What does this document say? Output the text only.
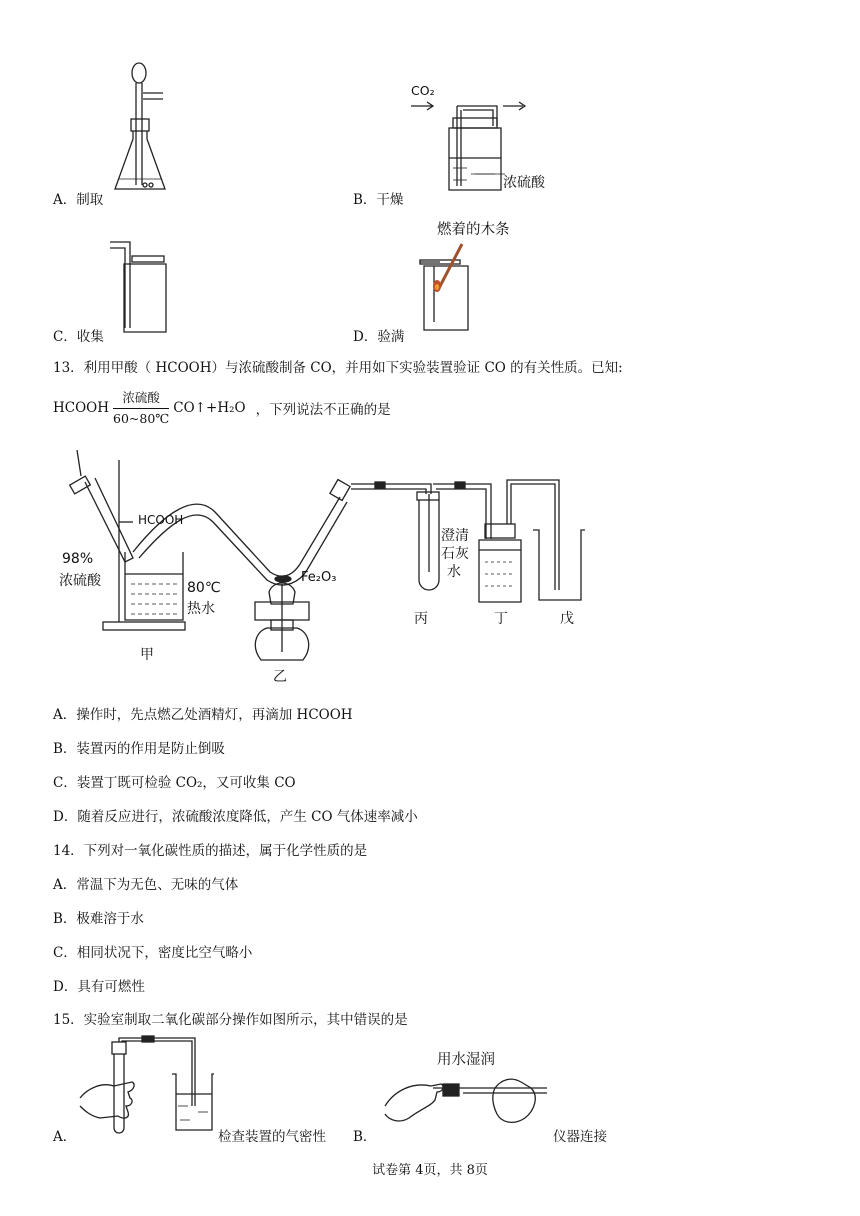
A．制取
CO₂
浓硫酸
B．干燥
C．收集
燃着的木条
D．验满
13．利用甲酸（ HCOOH）与浓硫酸制备 CO，并用如下实验装置验证 CO 的有关性质。已知:
HCOOH $\frac{\text{浓硫酸}}{60\sim 80℃}$ CO↑+H₂O ，下列说法不正确的是
HCOOH
98%
浓硫酸	80℃
热水
Fe₂O₃
澄清
石灰
水
甲
乙
丙	丁	戊
A．操作时，先点燃乙处酒精灯，再滴加 HCOOH
B．装置丙的作用是防止倒吸
C．装置丁既可检验 CO₂，又可收集 CO
D．随着反应进行，浓硫酸浓度降低，产生 CO 气体速率减小
14．下列对一氧化碳性质的描述，属于化学性质的是
A．常温下为无色、无味的气体
B．极难溶于水
C．相同状况下，密度比空气略小
D．具有可燃性
15．实验室制取二氧化碳部分操作如图所示，其中错误的是
A．	检查装置的气密性
用水湿润
B．	仪器连接
试卷第 4页，共 8页
